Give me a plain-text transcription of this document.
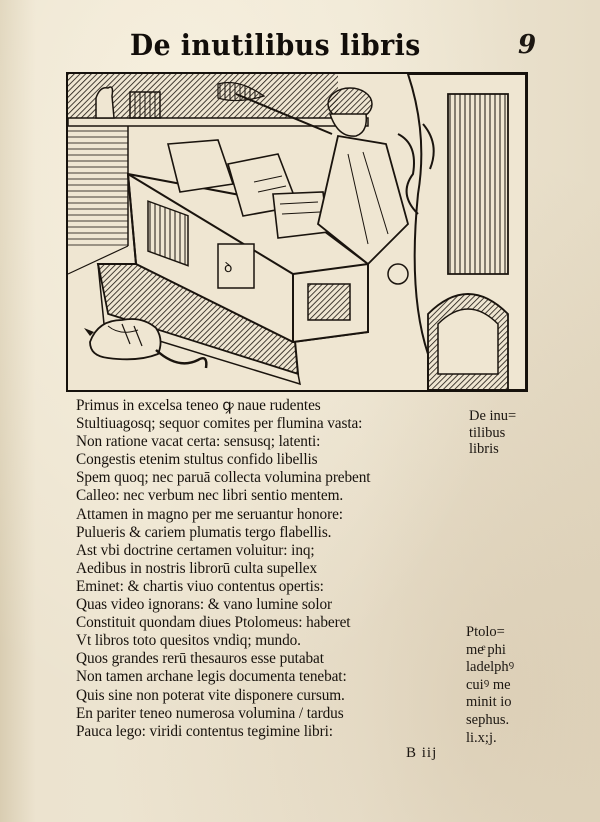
De inutilibus libris	9
ꝺ
Primus in excelsa teneo ꝙ naue rudentes
Stultiuagosq; sequor comites per flumina vasta:
Non ratione vacat certa: sensusq; latenti:
Congestis etenim stultus confido libellis
Spem quoq; nec paruā collecta volumina prebent
Calleo: nec verbum nec libri sentio mentem.
Attamen in magno per me seruantur honore:
Pulueris & cariem plumatis tergo flabellis.
Ast vbi doctrine certamen voluitur: inq;
Aedibus in nostris librorū culta supellex
Eminet: & chartis viuo contentus opertis:
Quas video ignorans: & vano lumine solor
Constituit quondam diues Ptolomeus: haberet
Vt libros toto quesitos vndiq; mundo.
Quos grandes rerū thesauros esse putabat
Non tamen archane legis documenta tenebat:
Quis sine non poterat vite disponere cursum.
En pariter teneo numerosa volumina / tardus
Pauca lego: viridi contentus tegimine libri:
De inu=
tilibus
libris
Ptolo=
meͤ phi
ladelphꝰ
cuiꝰ me
minit io
sephus.
li.x;j.
B iij
